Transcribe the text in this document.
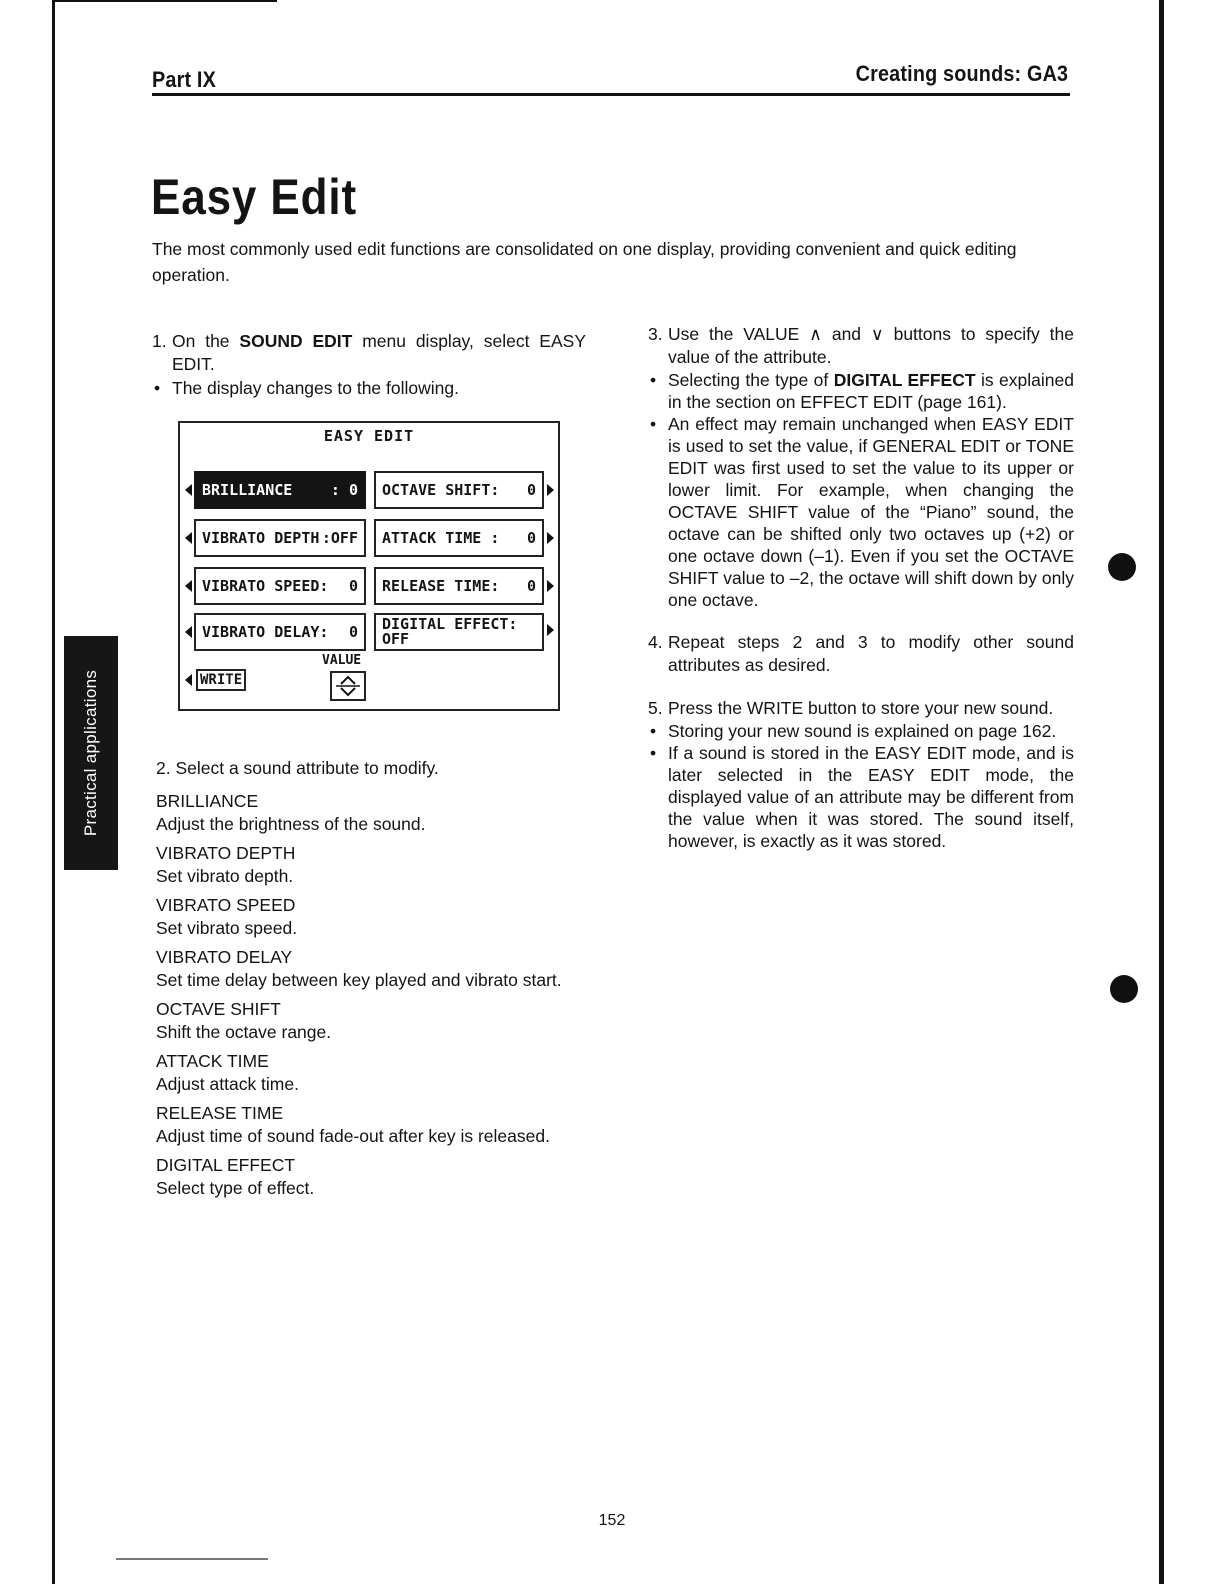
Practical applications
Part IX	Creating sounds: GA3
Easy Edit
The most commonly used edit functions are consolidated on one display, providing convenient and quick editing operation.
1. On the SOUND EDIT menu display, select EASY EDIT.
• The display changes to the following.
EASY EDIT
BRILLIANCE	: 0
VIBRATO DEPTH :OFF
VIBRATO SPEED: 0
VIBRATO DELAY: 0
OCTAVE SHIFT: 0
ATTACK TIME : 0
RELEASE TIME: 0
DIGITAL EFFECT:
OFF
WRITE
VALUE
2. Select a sound attribute to modify.
BRILLIANCE
Adjust the brightness of the sound.
VIBRATO DEPTH
Set vibrato depth.
VIBRATO SPEED
Set vibrato speed.
VIBRATO DELAY
Set time delay between key played and vibrato start.
OCTAVE SHIFT
Shift the octave range.
ATTACK TIME
Adjust attack time.
RELEASE TIME
Adjust time of sound fade-out after key is released.
DIGITAL EFFECT
Select type of effect.
3. Use the VALUE ∧ and ∨ buttons to specify the value of the attribute.
• Selecting the type of DIGITAL EFFECT is explained in the section on EFFECT EDIT (page 161).
• An effect may remain unchanged when EASY EDIT is used to set the value, if GENERAL EDIT or TONE EDIT was first used to set the value to its upper or lower limit. For example, when changing the OCTAVE SHIFT value of the “Piano” sound, the octave can be shifted only two octaves up (+2) or one octave down (–1). Even if you set the OCTAVE SHIFT value to –2, the octave will shift down by only one octave.
4. Repeat steps 2 and 3 to modify other sound attributes as desired.
5. Press the WRITE button to store your new sound.
• Storing your new sound is explained on page 162.
• If a sound is stored in the EASY EDIT mode, and is later selected in the EASY EDIT mode, the displayed value of an attribute may be different from the value when it was stored. The sound itself, however, is exactly as it was stored.
152
